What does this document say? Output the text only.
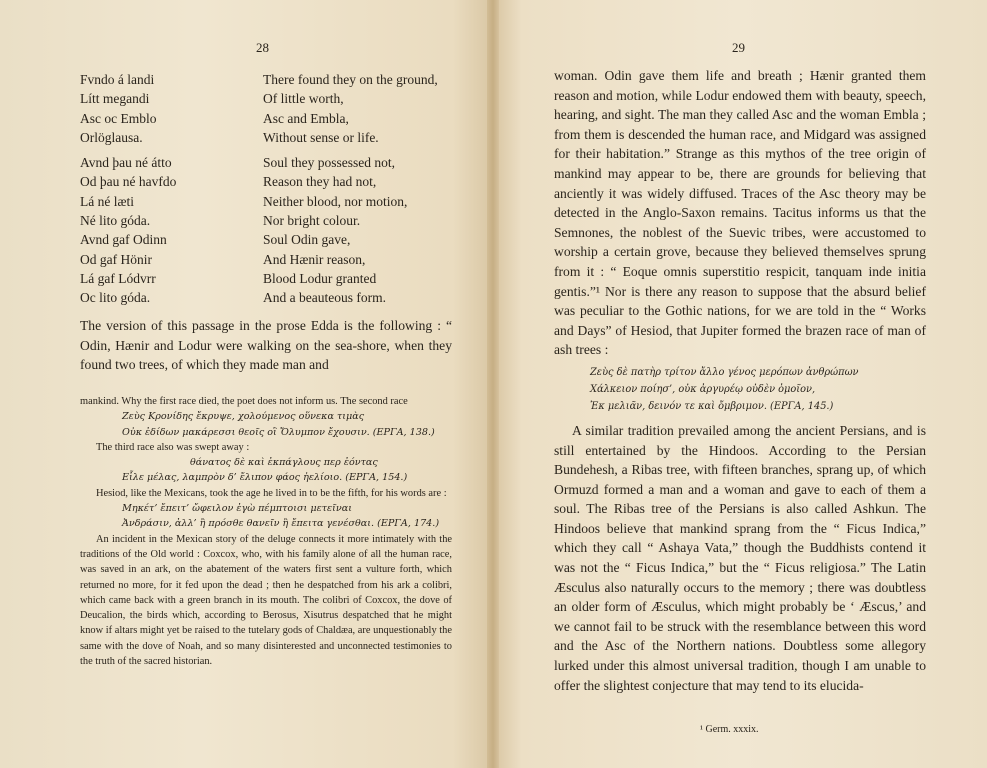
28
Fvndo á landi	There found they on the ground,
Lítt megandi	Of little worth,
Asc oc Emblo	Asc and Embla,
Orlöglausa.	Without sense or life.
Avnd þau né átto	Soul they possessed not,
Od þau né havfdo	Reason they had not,
Lá né læti	Neither blood, nor motion,
Né lito góda.	Nor bright colour.
Avnd gaf Odinn	Soul Odin gave,
Od gaf Hönir	And Hænir reason,
Lá gaf Lódvrr	Blood Lodur granted
Oc lito góda.	And a beauteous form.

The version of this passage in the prose Edda is the following : “ Odin, Hænir and Lodur were walking on the sea-shore, when they found two trees, of which they made man and

mankind. Why the first race died, the poet does not inform us. The second race

Ζεὺς Κρονίδης ἔκρυψε, χολούμενος οὕνεκα τιμὰς
Οὐκ ἐδίδων μακάρεσσι θεοῖς οἳ Ὄλυμπον ἔχουσιν. (ΕΡΓΑ, 138.)

The third race also was swept away :

θάνατος δὲ καὶ ἐκπάγλους περ ἐόντας
Εἷλε μέλας, λαμπρὸν δ’ ἔλιπον φάος ἠελίοιο. (ΕΡΓΑ, 154.)

Hesiod, like the Mexicans, took the age he lived in to be the fifth, for his words are :

Μηκέτ’ ἔπειτ’ ὤφειλον ἐγὼ πέμπτοισι μετεῖναι
Ἀνδράσιν, ἀλλ’ ἢ πρόσθε θανεῖν ἢ ἔπειτα γενέσθαι. (ΕΡΓΑ, 174.)

An incident in the Mexican story of the deluge connects it more intimately with the traditions of the Old world : Coxcox, who, with his family alone of all the human race, was saved in an ark, on the abatement of the waters first sent a vulture forth, which returned no more, for it fed upon the dead ; then he despatched from his ark a colibri, which came back with a green branch in its mouth. The colibri of Coxcox, the dove of Deucalion, the birds which, according to Berosus, Xisutrus despatched that he might know if altars might yet be raised to the tutelary gods of Chaldæa, are unquestionably the same with the dove of Noah, and so many disinterested and unconnected testimonies to the truth of the sacred historian.

29

woman. Odin gave them life and breath ; Hænir granted them reason and motion, while Lodur endowed them with beauty, speech, hearing, and sight. The man they called Asc and the woman Embla ; from them is descended the human race, and Midgard was assigned for their habitation.” Strange as this mythos of the tree origin of mankind may appear to be, there are grounds for believing that anciently it was widely diffused. Traces of the Asc theory may be detected in the Anglo-Saxon remains. Tacitus informs us that the Semnones, the noblest of the Suevic tribes, were accustomed to worship a certain grove, because they believed themselves sprung from it : “ Eoque omnis superstitio respicit, tanquam inde initia gentis.”¹ Nor is there any reason to suppose that the absurd belief was peculiar to the Gothic nations, for we are told in the “ Works and Days” of Hesiod, that Jupiter formed the brazen race of man of ash trees :

Ζεὺς δὲ πατὴρ τρίτον ἄλλο γένος μερόπων ἀνθρώπων
Χάλκειον ποίησ’, οὐκ ἀργυρέῳ οὐδὲν ὁμοῖον,
Ἐκ μελιᾶν, δεινόν τε καὶ ὄμβριμον. (ΕΡΓΑ, 145.)

A similar tradition prevailed among the ancient Persians, and is still entertained by the Hindoos. According to the Persian Bundehesh, a Ribas tree, with fifteen branches, sprang up, of which Ormuzd formed a man and a woman and gave to each of them a soul. The Ribas tree of the Persians is also called Ashkun. The Hindoos believe that mankind sprang from the “ Ficus Indica,” which they call “ Ashaya Vata,” though the Buddhists contend it was not the “ Ficus Indica,” but the “ Ficus religiosa.” The Latin Æsculus also naturally occurs to the memory ; there was doubtless an older form of Æsculus, which might probably be ‘ Æscus,’ and we cannot fail to be struck with the resemblance between this word and the Asc of the Northern nations. Doubtless some allegory lurked under this almost universal tradition, though I am unable to offer the slightest conjecture that may tend to its elucida-

¹ Germ. xxxix.
